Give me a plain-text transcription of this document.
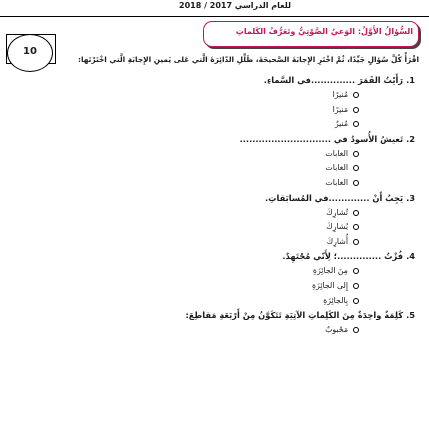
للعام الدراسي 2017 / 2018
10
السُّؤالُ الأَوَّلُ: الوَعيُ الصَّوْتِيُّ وتَعَرُّفُ الكَلماتِ
اقْرَأْ كُلَّ سُؤالٍ جَيِّدًا، ثُمَّ اخْتَرِ الإِجابَةَ الصَّحيحَةَ، ظَلِّلِ الدّائِرَةَ الَّتي عَلى يَمينِ الإِجابَةِ الَّتي اخْتَرْتَها:
1.رَأَيْتُ القَمَرَ ..............في السَّماءِ.
مُنيرًا
مَنيرًا
مُنيرٌ
2.تَعيشُ الأُسودُ في .............................
الغابات
الغابات
الغابات
3.يَجِبُ أَنْ .............في المُسابَقاتِ.
تُشارِكَ
يُشارِكَ
أُشارِكَ
4.فُزْتُ ..............؛ لِأَنّي مُجْتَهِدٌ.
مِنَ الجائِزَةِ
إِلى الجائِزَةِ
بِالجائِزَةِ
5.كَلِمَةٌ واحِدَةٌ مِنَ الكَلِماتِ الآتِيَةِ تَتَكَوَّنُ مِنْ أَرْبَعَةِ مَقاطِعَ:
مَحْبوبٌ
